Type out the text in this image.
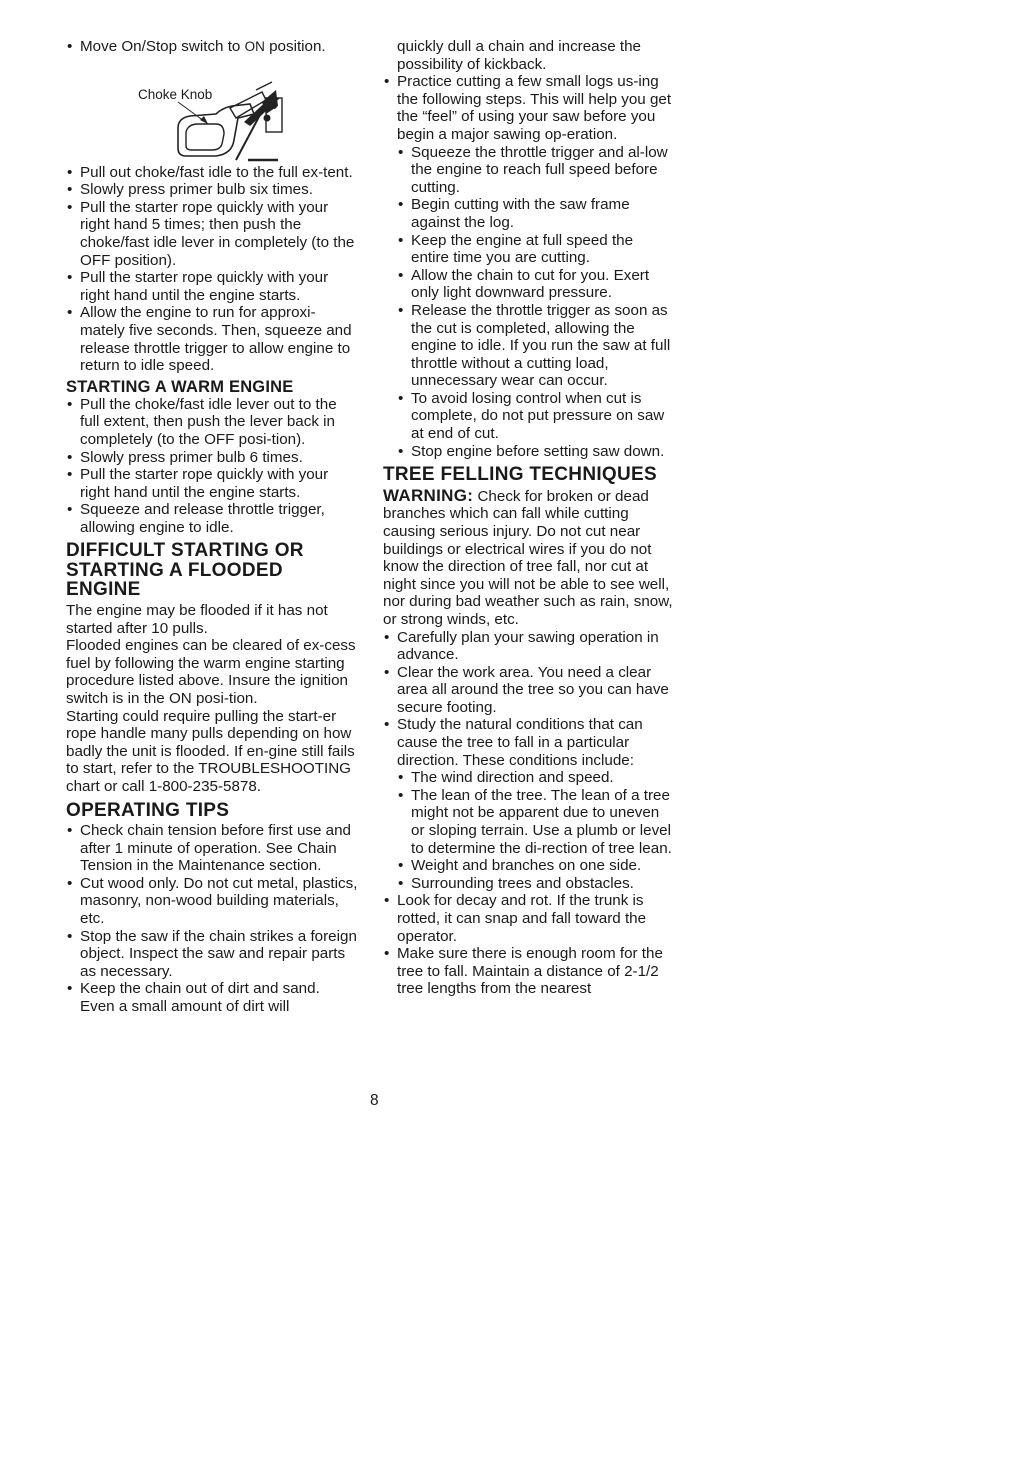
• Move On/Stop switch to ON position.
Choke Knob
• Pull out choke/fast idle to the full ex-tent.
• Slowly press primer bulb six times.
• Pull the starter rope quickly with your right hand 5 times; then push the choke/fast idle lever in completely (to the OFF position).
• Pull the starter rope quickly with your right hand until the engine starts.
• Allow the engine to run for approxi-mately five seconds. Then, squeeze and release throttle trigger to allow engine to return to idle speed.
STARTING A WARM ENGINE
• Pull the choke/fast idle lever out to the full extent, then push the lever back in completely (to the OFF posi-tion).
• Slowly press primer bulb 6 times.
• Pull the starter rope quickly with your right hand until the engine starts.
• Squeeze and release throttle trigger, allowing engine to idle.
DIFFICULT STARTING OR
STARTING A FLOODED ENGINE

The engine may be flooded if it has not started after 10 pulls.

Flooded engines can be cleared of ex-cess fuel by following the warm engine starting procedure listed above. Insure the ignition switch is in the ON posi-tion.

Starting could require pulling the start-er rope handle many pulls depending on how badly the unit is flooded. If en-gine still fails to start, refer to the TROUBLESHOOTING chart or call 1-800-235-5878.

OPERATING TIPS
• Check chain tension before first use and after 1 minute of operation. See Chain Tension in the Maintenance section.
• Cut wood only. Do not cut metal, plastics, masonry, non-wood building materials, etc.
• Stop the saw if the chain strikes a foreign object. Inspect the saw and repair parts as necessary.
• Keep the chain out of dirt and sand. Even a small amount of dirt will

quickly dull a chain and increase the possibility of kickback.

• Practice cutting a few small logs us-ing the following steps. This will help you get the “feel” of using your saw before you begin a major sawing op-eration.
• Squeeze the throttle trigger and al-low the engine to reach full speed before cutting.
• Begin cutting with the saw frame against the log.
• Keep the engine at full speed the entire time you are cutting.
• Allow the chain to cut for you. Exert only light downward pressure.
• Release the throttle trigger as soon as the cut is completed, allowing the engine to idle. If you run the saw at full throttle without a cutting load, unnecessary wear can occur.
• To avoid losing control when cut is complete, do not put pressure on saw at end of cut.
• Stop engine before setting saw down.
TREE FELLING TECHNIQUES

WARNING: Check for broken or dead branches which can fall while cutting causing serious injury. Do not cut near buildings or electrical wires if you do not know the direction of tree fall, nor cut at night since you will not be able to see well, nor during bad weather such as rain, snow, or strong winds, etc.

• Carefully plan your sawing operation in advance.
• Clear the work area. You need a clear area all around the tree so you can have secure footing.
• Study the natural conditions that can cause the tree to fall in a particular direction. These conditions include:
• The wind direction and speed.
• The lean of the tree. The lean of a tree might not be apparent due to uneven or sloping terrain. Use a plumb or level to determine the di-rection of tree lean.
• Weight and branches on one side.
• Surrounding trees and obstacles.
• Look for decay and rot. If the trunk is rotted, it can snap and fall toward the operator.
• Make sure there is enough room for the tree to fall. Maintain a distance of 2-1/2 tree lengths from the nearest
8
